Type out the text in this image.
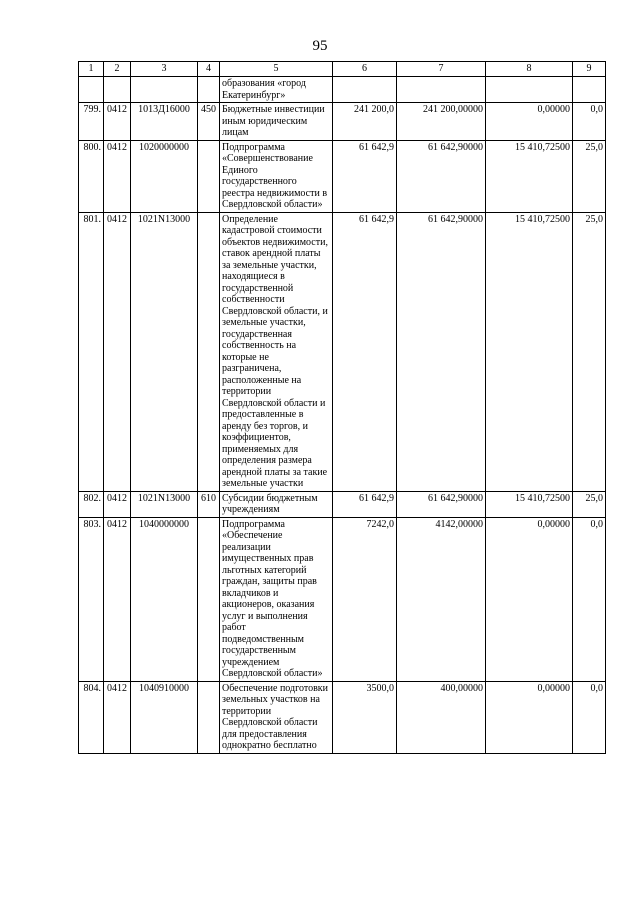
95
1	2	3	4	5	6	7	8	9
				образования «город Екатеринбург»				
799.	0412	1013Д16000	450	Бюджетные инвестиции иным юридическим лицам	241 200,0	241 200,00000	0,00000	0,0
800.	0412	1020000000		Подпрограмма «Совершенствование Единого государственного реестра недвижимости в Свердловской области»	61 642,9	61 642,90000	15 410,72500	25,0
801.	0412	1021N13000		Определение кадастровой стоимости объектов недвижимости, ставок арендной платы за земельные участки, находящиеся в государственной собственности Свердловской области, и земельные участки, государственная собственность на которые не разграничена, расположенные на территории Свердловской области и предоставленные в аренду без торгов, и коэффициентов, применяемых для определения размера арендной платы за такие земельные участки	61 642,9	61 642,90000	15 410,72500	25,0
802.	0412	1021N13000	610	Субсидии бюджетным учреждениям	61 642,9	61 642,90000	15 410,72500	25,0
803.	0412	1040000000		Подпрограмма «Обеспечение реализации имущественных прав льготных категорий граждан, защиты прав вкладчиков и акционеров, оказания услуг и выполнения работ подведомственным государственным учреждением Свердловской области»	7242,0	4142,00000	0,00000	0,0
804.	0412	1040910000		Обеспечение подготовки земельных участков на территории Свердловской области для предоставления однократно бесплатно	3500,0	400,00000	0,00000	0,0
